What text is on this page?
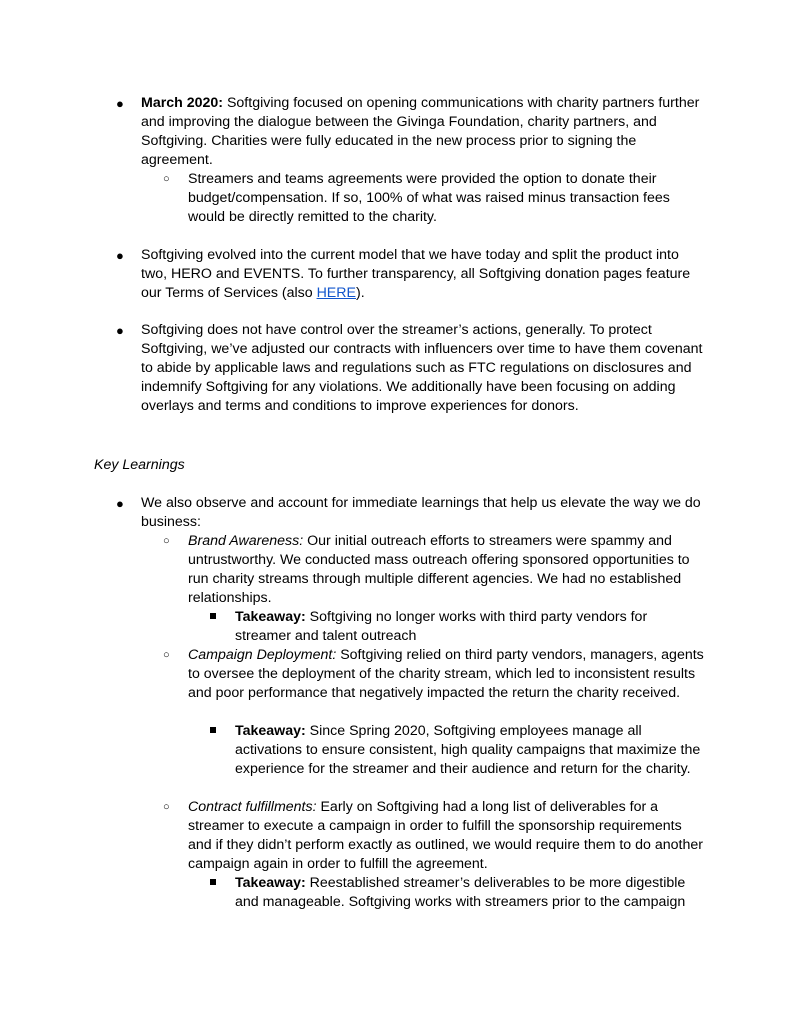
● March 2020: Softgiving focused on opening communications with charity partners further and improving the dialogue between the Givinga Foundation, charity partners, and Softgiving. Charities were fully educated in the new process prior to signing the agreement.

○ Streamers and teams agreements were provided the option to donate their budget/compensation. If so, 100% of what was raised minus transaction fees would be directly remitted to the charity.

● Softgiving evolved into the current model that we have today and split the product into two, HERO and EVENTS. To further transparency, all Softgiving donation pages feature our Terms of Services (also HERE).

● Softgiving does not have control over the streamer’s actions, generally. To protect Softgiving, we’ve adjusted our contracts with influencers over time to have them covenant to abide by applicable laws and regulations such as FTC regulations on disclosures and indemnify Softgiving for any violations. We additionally have been focusing on adding overlays and terms and conditions to improve experiences for donors.

Key Learnings

● We also observe and account for immediate learnings that help us elevate the way we do business:

○ Brand Awareness: Our initial outreach efforts to streamers were spammy and untrustworthy. We conducted mass outreach offering sponsored opportunities to run charity streams through multiple different agencies. We had no established relationships.

Takeaway: Softgiving no longer works with third party vendors for streamer and talent outreach

○ Campaign Deployment: Softgiving relied on third party vendors, managers, agents to oversee the deployment of the charity stream, which led to inconsistent results and poor performance that negatively impacted the return the charity received.

Takeaway: Since Spring 2020, Softgiving employees manage all activations to ensure consistent, high quality campaigns that maximize the experience for the streamer and their audience and return for the charity.

○ Contract fulfillments: Early on Softgiving had a long list of deliverables for a streamer to execute a campaign in order to fulfill the sponsorship requirements and if they didn’t perform exactly as outlined, we would require them to do another campaign again in order to fulfill the agreement.

Takeaway: Reestablished streamer’s deliverables to be more digestible and manageable. Softgiving works with streamers prior to the campaign
